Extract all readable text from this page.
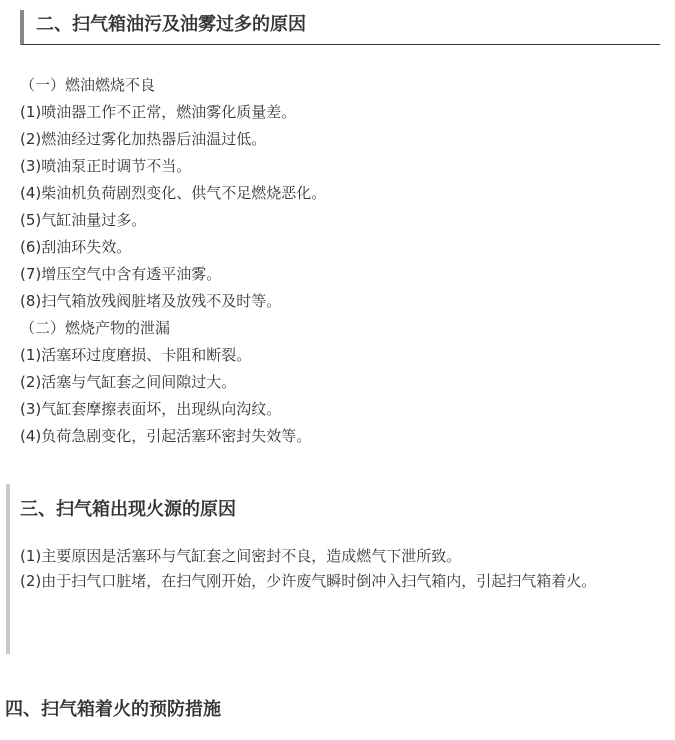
二、扫气箱油污及油雾过多的原因
（一）燃油燃烧不良
(1)喷油器工作不正常，燃油雾化质量差。
(2)燃油经过雾化加热器后油温过低。
(3)喷油泵正时调节不当。
(4)柴油机负荷剧烈变化、供气不足燃烧恶化。
(5)气缸油量过多。
(6)刮油环失效。
(7)增压空气中含有透平油雾。
(8)扫气箱放残阀脏堵及放残不及时等。
（二）燃烧产物的泄漏
(1)活塞环过度磨损、卡阻和断裂。
(2)活塞与气缸套之间间隙过大。
(3)气缸套摩擦表面坏，出现纵向沟纹。
(4)负荷急剧变化，引起活塞环密封失效等。
三、扫气箱出现火源的原因
(1)主要原因是活塞环与气缸套之间密封不良，造成燃气下泄所致。
(2)由于扫气口脏堵，在扫气刚开始，少许废气瞬时倒冲入扫气箱内，引起扫气箱着火。
四、扫气箱着火的预防措施
